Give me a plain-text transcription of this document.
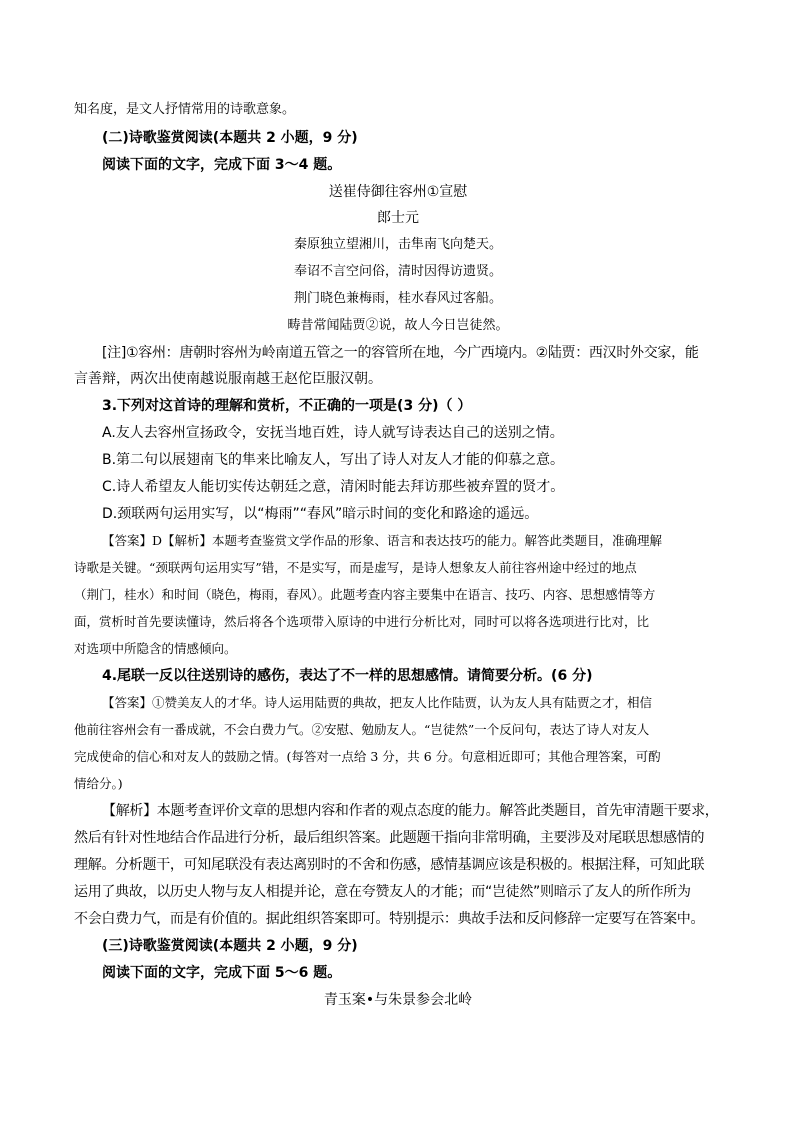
知名度，是文人抒情常用的诗歌意象。
(二)诗歌鉴赏阅读(本题共 2 小题，9 分)
阅读下面的文字，完成下面 3～4 题。
送崔侍御往容州①宣慰
郎士元
秦原独立望湘川，击隼南飞向楚天。
奉诏不言空问俗，清时因得访遗贤。
荆门晓色兼梅雨，桂水春风过客船。
畴昔常闻陆贾②说，故人今日岂徒然。
[注]①容州：唐朝时容州为岭南道五管之一的容管所在地，今广西境内。②陆贾：西汉时外交家，能
言善辩，两次出使南越说服南越王赵佗臣服汉朝。
3.下列对这首诗的理解和赏析，不正确的一项是(3 分)（ ）
A.友人去容州宣扬政令，安抚当地百姓，诗人就写诗表达自己的送别之情。
B.第二句以展翅南飞的隼来比喻友人，写出了诗人对友人才能的仰慕之意。
C.诗人希望友人能切实传达朝廷之意，清闲时能去拜访那些被弃置的贤才。
D.颈联两句运用实写，以“梅雨”“春风”暗示时间的变化和路途的遥远。
【答案】D【解析】本题考查鉴赏文学作品的形象、语言和表达技巧的能力。解答此类题目，准确理解
诗歌是关键。“颈联两句运用实写”错，不是实写，而是虚写，是诗人想象友人前往容州途中经过的地点
（荆门，桂水）和时间（晓色，梅雨，春风）。此题考查内容主要集中在语言、技巧、内容、思想感情等方
面，赏析时首先要读懂诗，然后将各个选项带入原诗的中进行分析比对，同时可以将各选项进行比对，比
对选项中所隐含的情感倾向。
4.尾联一反以往送别诗的感伤，表达了不一样的思想感情。请简要分析。(6 分)
【答案】①赞美友人的才华。诗人运用陆贾的典故，把友人比作陆贾，认为友人具有陆贾之才，相信
他前往容州会有一番成就，不会白费力气。②安慰、勉励友人。“岂徒然”一个反问句，表达了诗人对友人
完成使命的信心和对友人的鼓励之情。(每答对一点给 3 分，共 6 分。句意相近即可；其他合理答案，可酌
情给分。)
【解析】本题考查评价文章的思想内容和作者的观点态度的能力。解答此类题目，首先审清题干要求，
然后有针对性地结合作品进行分析，最后组织答案。此题题干指向非常明确，主要涉及对尾联思想感情的
理解。分析题干，可知尾联没有表达离别时的不舍和伤感，感情基调应该是积极的。根据注释，可知此联
运用了典故，以历史人物与友人相提并论，意在夸赞友人的才能；而“岂徒然”则暗示了友人的所作所为
不会白费力气，而是有价值的。据此组织答案即可。特别提示：典故手法和反问修辞一定要写在答案中。
(三)诗歌鉴赏阅读(本题共 2 小题，9 分)
阅读下面的文字，完成下面 5～6 题。
青玉案•与朱景参会北岭
